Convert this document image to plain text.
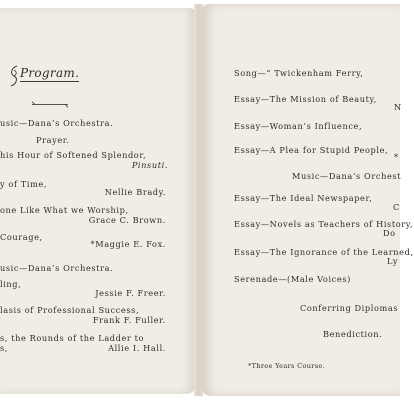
Program.
usic—Dana’s Orchestra.
Prayer.
his Hour of Softened Splendor,
Pinsuti.
y of Time,
Nellie Brady.
one Like What we Worship,
Grace C. Brown.
Courage,
*Maggie E. Fox.
usic—Dana’s Orchestra.
ling,
Jessie F. Freer.
lasis of Professional Success,
Frank F. Fuller.
s, the Rounds of the Ladder to
s,	Allie I. Hall.
Song—“ Twickenham Ferry,
Essay—The Mission of Beauty,
N
Essay—Woman’s Influence,
Essay—A Plea for Stupid People,
*
Music—Dana’s Orchest
Essay—The Ideal Newspaper,
C
Essay—Novels as Teachers of History,
Do
Essay—The Ignorance of the Learned,
Ly
Serenade—(Male Voices)
Conferring Diplomas
Benediction.
*Three Years Course.
